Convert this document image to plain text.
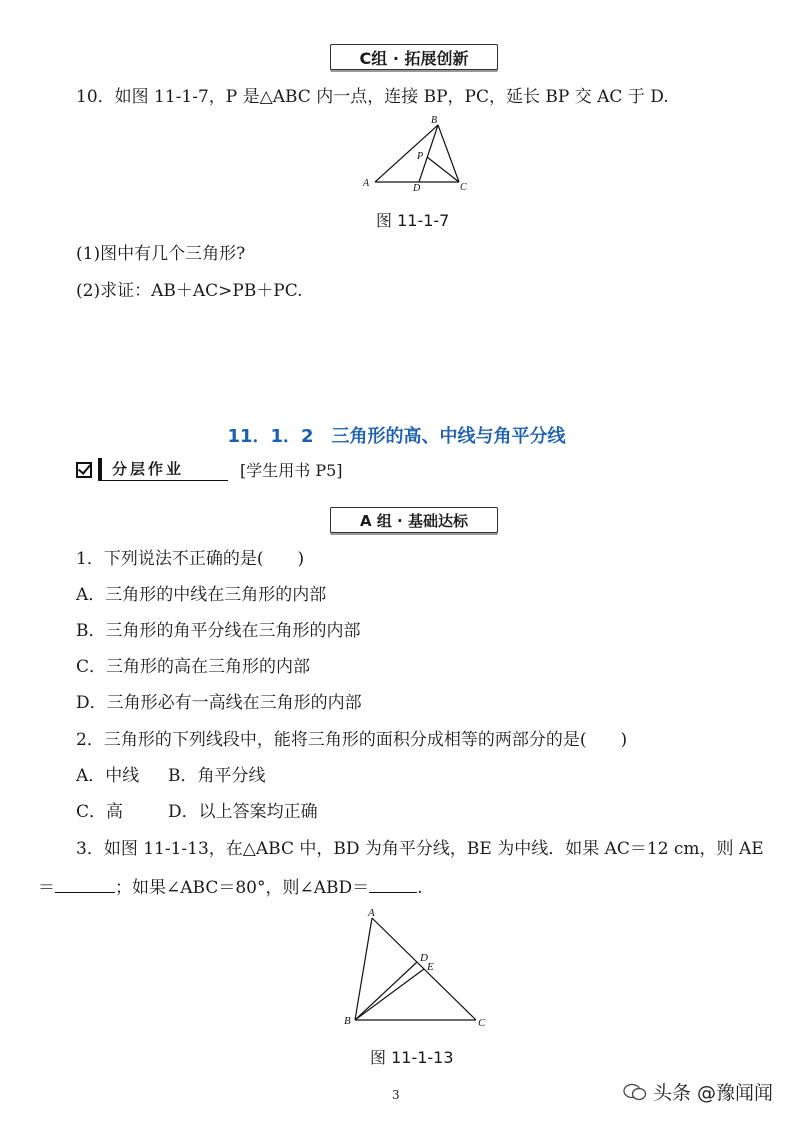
C组 · 拓展创新
10．如图 11-1-7，P 是△ABC 内一点，连接 BP，PC，延长 BP 交 AC 于 D.
A
B
C
D
P
图 11-1-7
(1)图中有几个三角形?
(2)求证：AB＋AC>PB＋PC.
11．1．2　三角形的高、中线与角平分线
分层作业	[学生用书 P5]
A 组 · 基础达标
1．下列说法不正确的是(　　)
A．三角形的中线在三角形的内部
B．三角形的角平分线在三角形的内部
C．三角形的高在三角形的内部
D．三角形必有一高线在三角形的内部
2．三角形的下列线段中，能将三角形的面积分成相等的两部分的是(　　)
A．中线 B．角平分线
C．高	D．以上答案均正确
3．如图 11-1-13，在△ABC 中，BD 为角平分线，BE 为中线．如果 AC＝12 cm，则 AE
＝	；如果∠ABC＝80°，则∠ABD＝	.
A
B	C
D
E
图 11-1-13
3	头条 @豫闻闻
